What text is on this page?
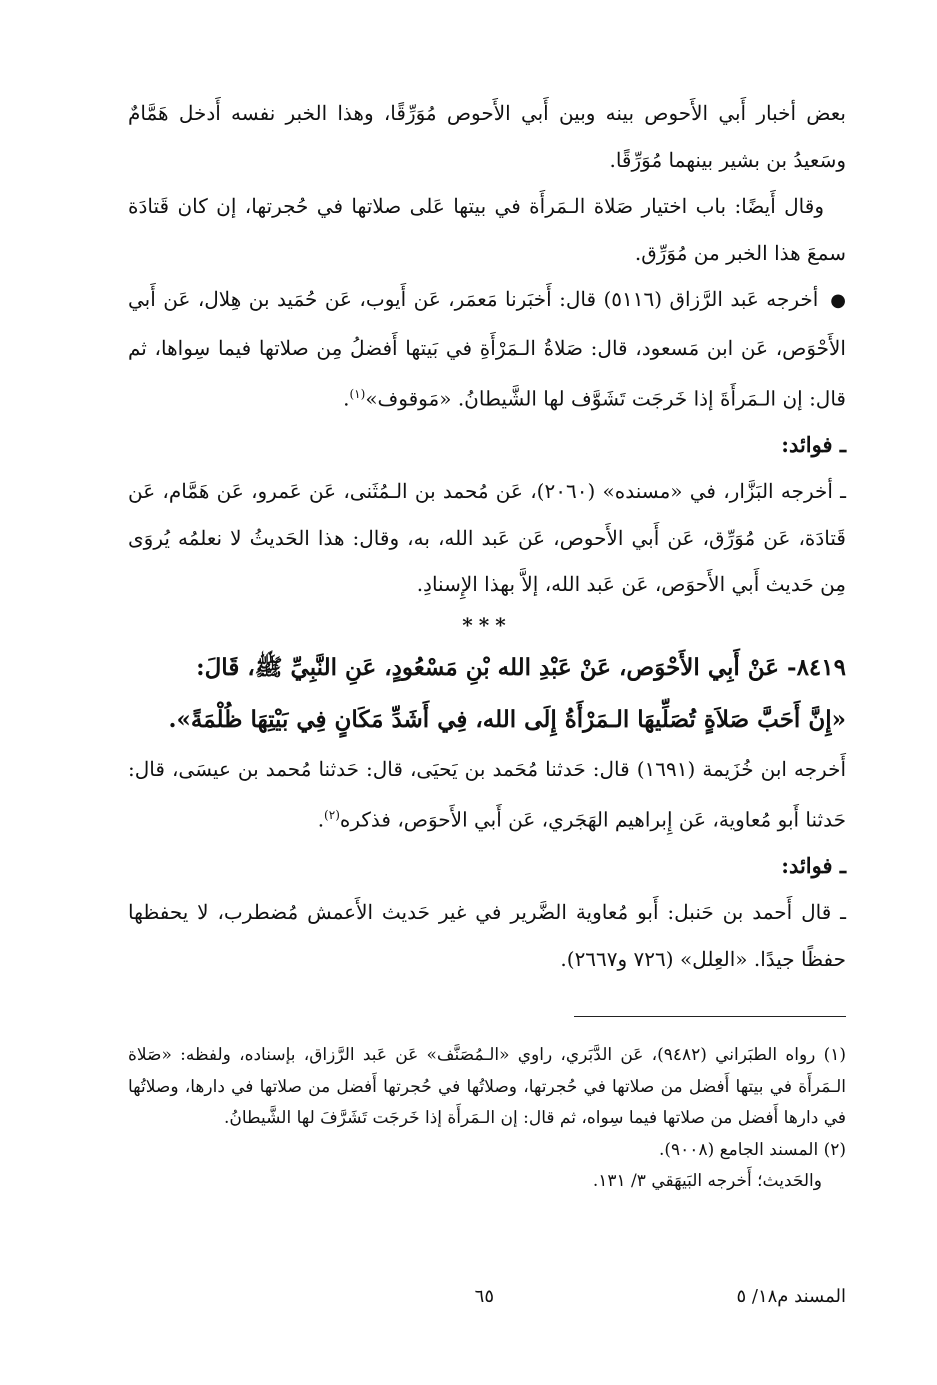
بعض أخبار أَبي الأَحوص بينه وبين أَبي الأَحوص مُوَرِّقًا، وهذا الخبر نفسه أَدخل هَمَّامٌ وسَعيدُ بن بشير بينهما مُوَرِّقًا.

وقال أَيضًا: باب اختيار صَلاة الـمَرأَة في بيتها عَلى صلاتها في حُجرتها، إن كان قَتادَة سمعَ هذا الخبر من مُوَرِّق.

●أخرجه عَبد الرَّزاق (٥١١٦) قال: أَخبَرنا مَعمَر، عَن أَيوب، عَن حُمَيد بن هِلال، عَن أَبي الأَحْوَص، عَن ابن مَسعود، قال: صَلاةُ الـمَرْأَةِ في بَيتها أَفضلُ مِن صلاتها فيما سِواها، ثم قال: إن الـمَرأَةَ إذا خَرجَت تَشَوَّف لها الشَّيطانُ. «مَوقوف»$^{(١)}$.

ـ فوائد:

ـ أخرجه البَزَّار، في «مسنده» (٢٠٦٠)، عَن مُحمد بن الـمُثَنى، عَن عَمرو، عَن هَمَّام، عَن قَتادَة، عَن مُوَرِّق، عَن أَبي الأَحوص، عَن عَبد الله، به، وقال: هذا الحَديثُ لا نعلمُه يُروَى مِن حَديث أَبي الأَحوَص، عَن عَبد الله، إلاَّ بهذا الإِسنادِ.

***

٨٤١٩- عَنْ أَبِي الأَحْوَص، عَنْ عَبْدِ الله بْنِ مَسْعُودٍ، عَنِ النَّبِيِّ ﷺ، قَالَ:

«إِنَّ أَحَبَّ صَلاَةٍ تُصَلِّيهَا الـمَرْأَةُ إِلَى الله، فِي أَشَدِّ مَكَانٍ فِي بَيْتِهَا ظُلْمَةً».

أَخرجه ابن خُزَيمة (١٦٩١) قال: حَدثنا مُحَمد بن يَحيَى، قال: حَدثنا مُحمد بن عيسَى، قال: حَدثنا أَبو مُعاوية، عَن إِبراهيم الهَجَري، عَن أَبي الأَحوَص، فذكره$^{(٢)}$.

ـ فوائد:

ـ قال أَحمد بن حَنبل: أَبو مُعاوية الضَّرير في غير حَديث الأَعمش مُضطرب، لا يحفظها حفظًا جيدًا. «العِلل» (٧٢٦ و٢٦٦٧).

(١) رواه الطبَراني (٩٤٨٢)، عَن الدَّبَري، راوي «الـمُصَنَّف» عَن عَبد الرَّزاق، بإسناده، ولفظه: «صَلاة الـمَرأَة في بيتها أَفضل من صلاتها في حُجرتها، وصلاتُها في حُجرتها أَفضل من صلاتها في دارها، وصلاتُها في دارها أَفضل من صلاتها فيما سِواه، ثم قال: إن الـمَرأَة إذا خَرجَت تَشَرَّفَ لها الشَّيطانُ.

(٢) المسند الجامع (٩٠٠٨).

والحَديث؛ أَخرجه البَيهَقي ٣/ ١٣١.

المسند م١٨/ ٥
٦٥
